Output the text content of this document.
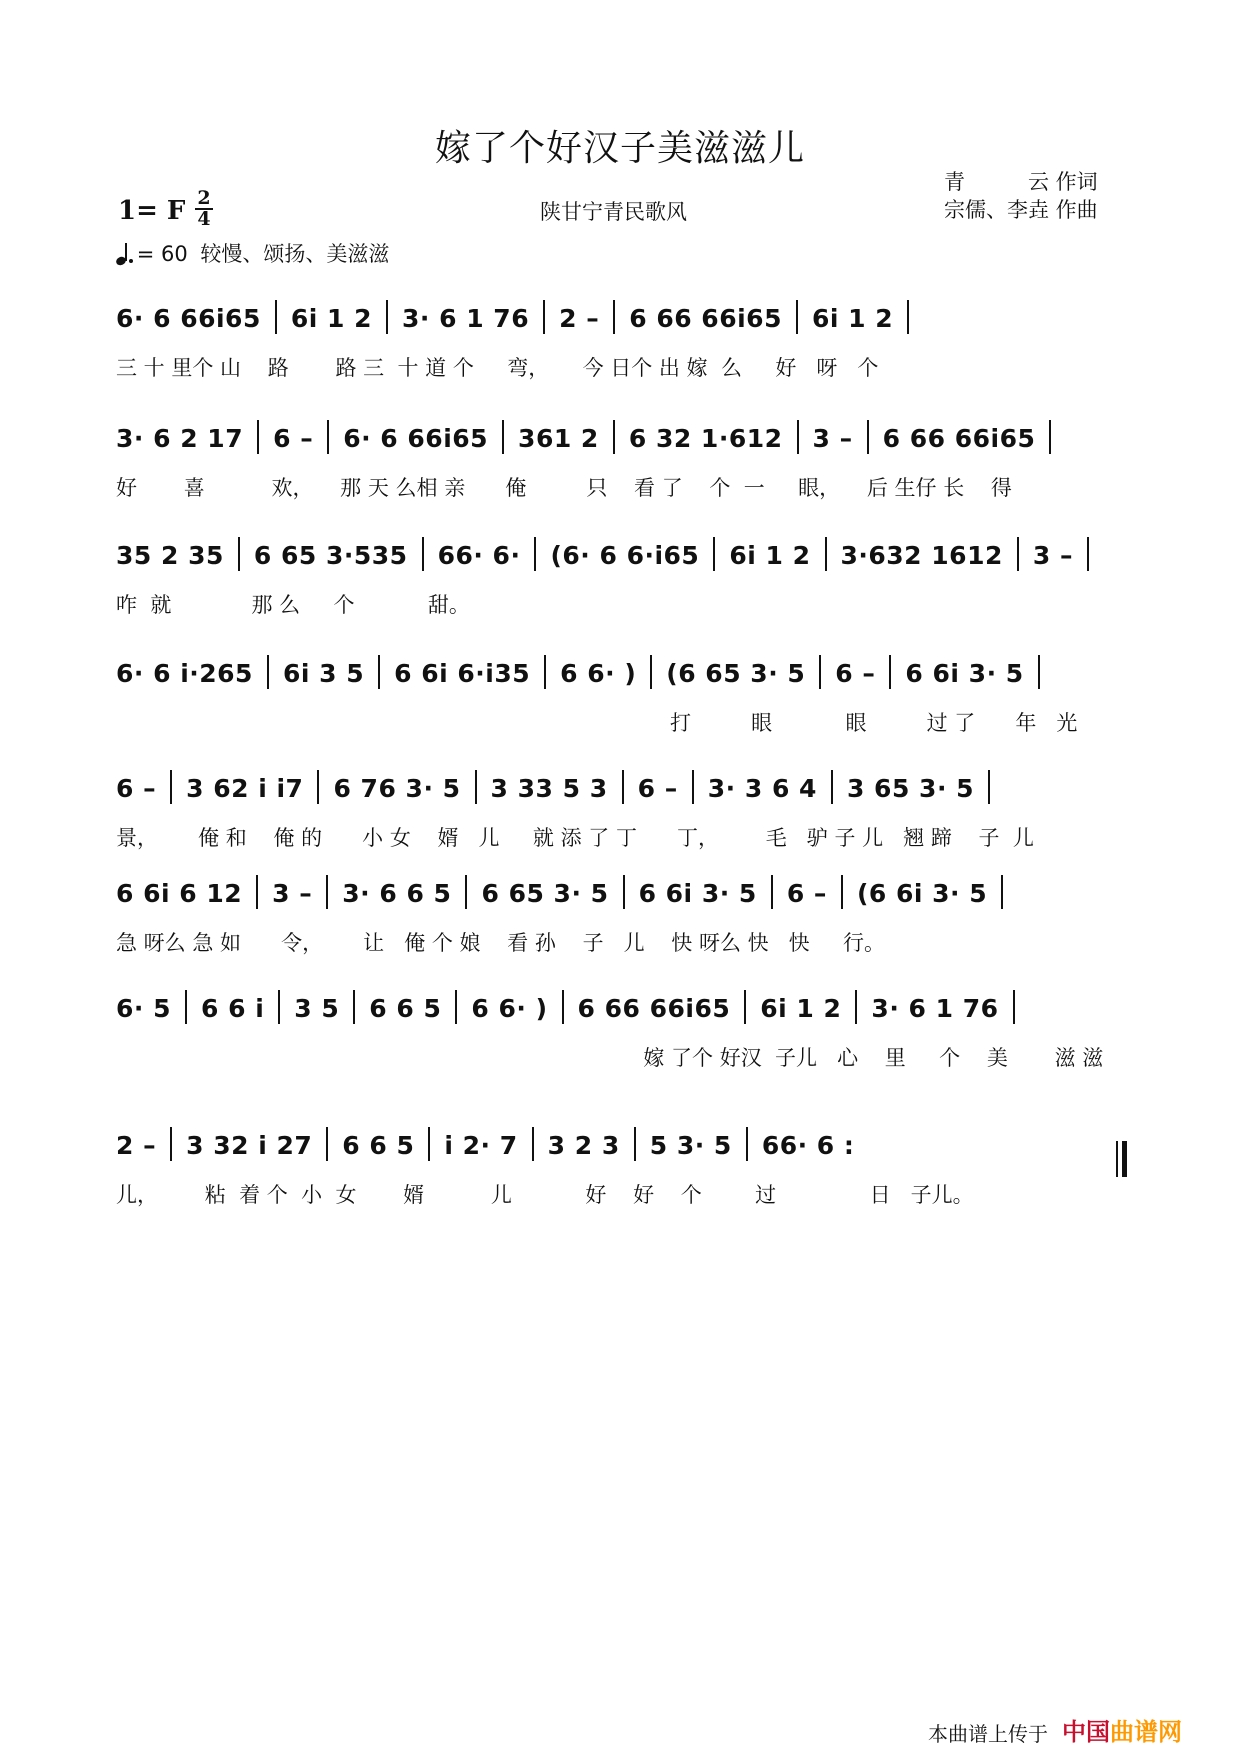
嫁了个好汉子美滋滋儿
青　　　云 作词
宗儒、李垚 作曲
1= F 2
4	陕甘宁青民歌风
= 60 较慢、颂扬、美滋滋
6· 6 66i65 6i 1 2 3· 6 1 76 2 – 6 66 66i65 6i 1 2
三 十 里个 山    路       路 三  十 道 个     弯，     今 日个 出 嫁  么     好   呀   个
3· 6 2 17 6 – 6· 6 66i65 361 2 6 32 1·612 3 – 6 66 66i65
好       喜          欢，    那 天 么相 亲      俺         只    看 了    个  一     眼，    后 生仔 长    得
35 2 35 6 65 3·535 66· 6· (6· 6 6·i65 6i 1 2 3·632 1612 3 –
咋  就            那 么     个           甜。
6· 6 i·265 6i 3 5 6 6i 6·i35 6 6· ) (6 65 3· 5 6 – 6 6i 3· 5
打         眼           眼         过 了      年   光
6 – 3 62 i i7 6 76 3· 5 3 33 5 3 6 – 3· 3 6 4 3 65 3· 5
景，      俺 和    俺 的      小 女    婿   儿     就 添 了 丁      丁，       毛   驴 子 儿   翘 蹄    子  儿
6 6i 6 12 3 – 3· 6 6 5 6 65 3· 5 6 6i 3· 5 6 – (6 6i 3· 5
急 呀么 急 如      令，      让   俺 个 娘    看 孙    子   儿    快 呀么 快   快     行。
6· 5 6 6 i 3 5 6 6 5 6 6· ) 6 66 66i65 6i 1 2 3· 6 1 76
嫁 了个 好汉  子儿   心    里     个    美       滋 滋
2 – 3 32 i 27 6 6 5 i 2· 7 3 2 3 5 3· 5 66· 6 :
儿，       粘  着 个  小  女       婿          儿           好    好    个        过              日   子儿。
本曲谱上传于 中国曲谱网
